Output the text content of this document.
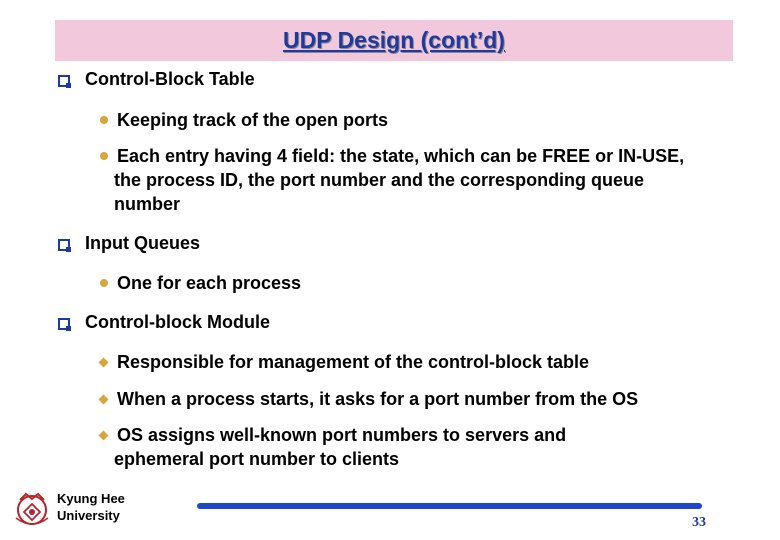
UDP Design (cont’d)
Control-Block Table
Keeping track of the open ports
Each entry having 4 field: the state, which can be FREE or IN-USE, the process ID, the port number and the corresponding queue number
Input Queues
One for each process
Control-block Module
Responsible for management of the control-block table
When a process starts, it asks for a port number from the OS
OS assigns well-known port numbers to servers and ephemeral port number to clients
Kyung Hee
University	33
